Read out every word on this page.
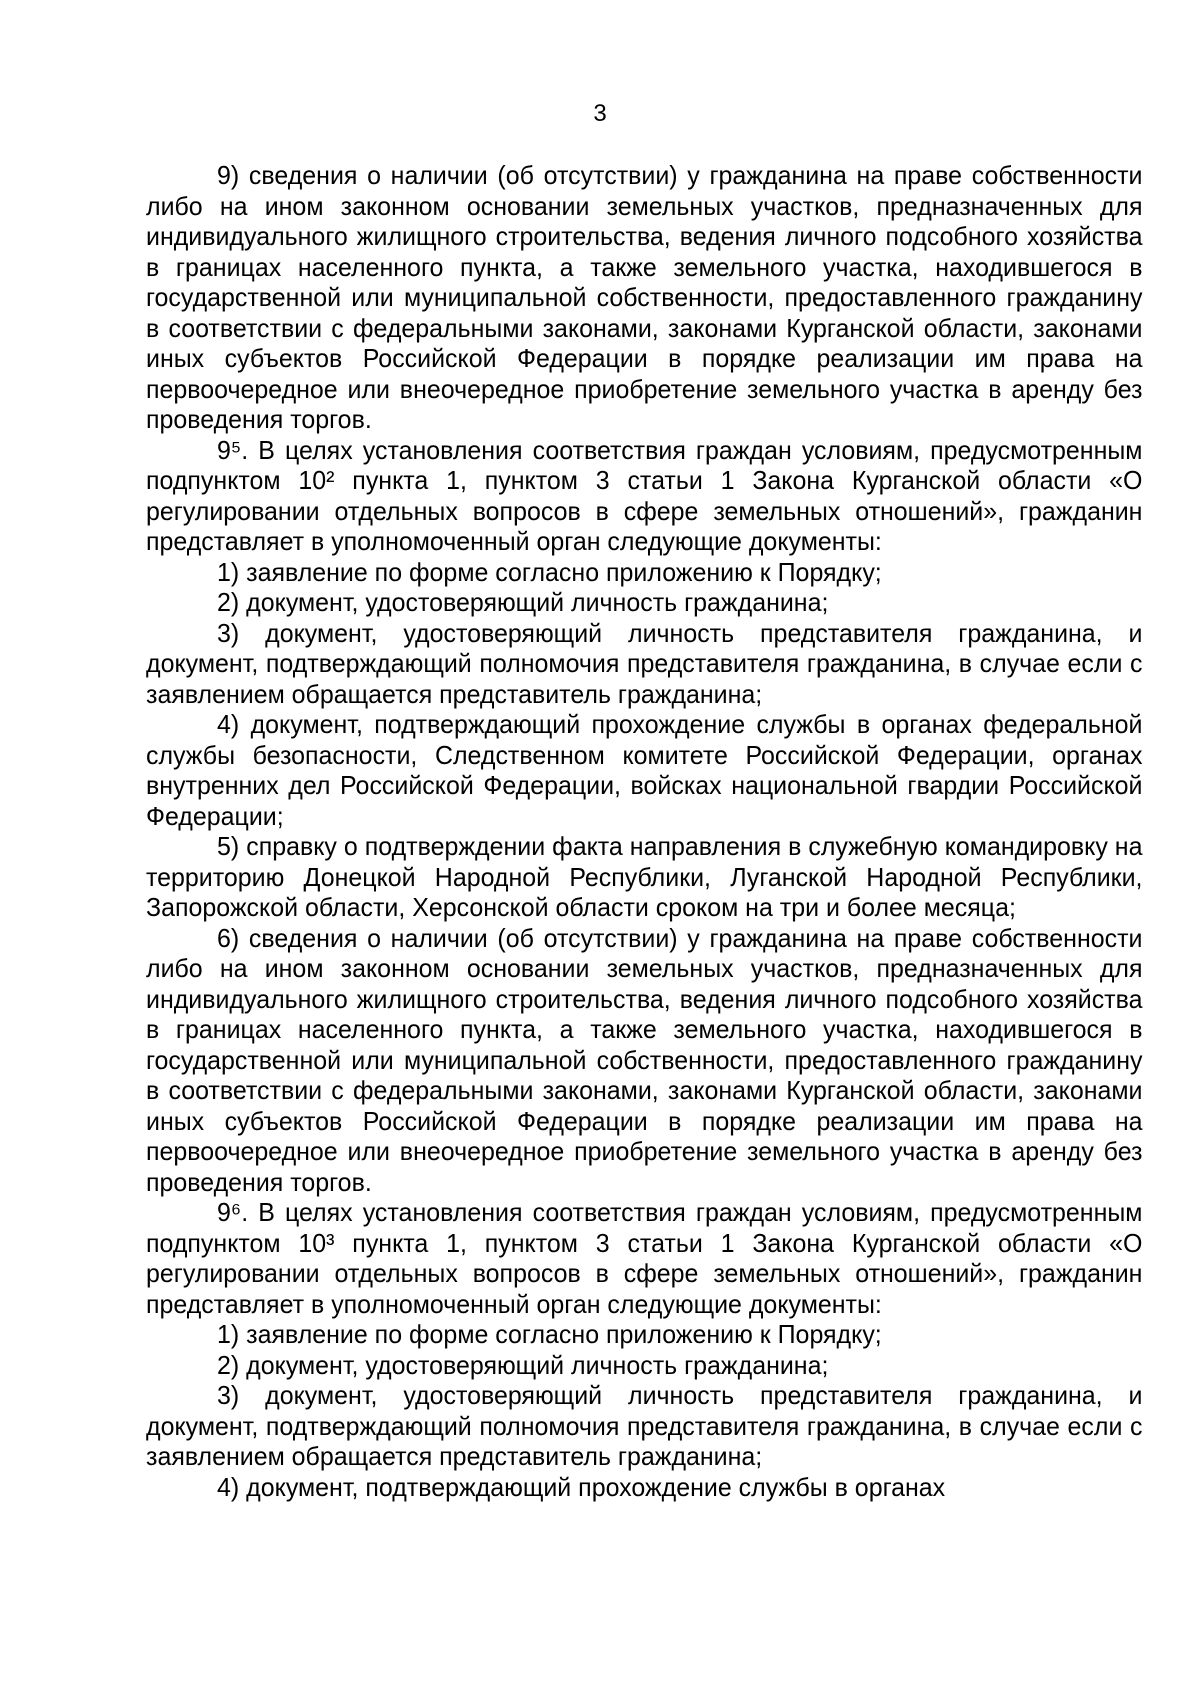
3

9) сведения о наличии (об отсутствии) у гражданина на праве собственности либо на ином законном основании земельных участков, предназначенных для индивидуального жилищного строительства, ведения личного подсобного хозяйства в границах населенного пункта, а также земельного участка, находившегося в государственной или муниципальной собственности, предоставленного гражданину в соответствии с федеральными законами, законами Курганской области, законами иных субъектов Российской Федерации в порядке реализации им права на первоочередное или внеочередное приобретение земельного участка в аренду без проведения торгов.

9⁵. В целях установления соответствия граждан условиям, предусмотренным подпунктом 10² пункта 1, пунктом 3 статьи 1 Закона Курганской области «О регулировании отдельных вопросов в сфере земельных отношений», гражданин представляет в уполномоченный орган следующие документы:

1) заявление по форме согласно приложению к Порядку;

2) документ, удостоверяющий личность гражданина;

3) документ, удостоверяющий личность представителя гражданина, и документ, подтверждающий полномочия представителя гражданина, в случае если с заявлением обращается представитель гражданина;

4) документ, подтверждающий прохождение службы в органах федеральной службы безопасности, Следственном комитете Российской Федерации, органах внутренних дел Российской Федерации, войсках национальной гвардии Российской Федерации;

5) справку о подтверждении факта направления в служебную командировку на территорию Донецкой Народной Республики, Луганской Народной Республики, Запорожской области, Херсонской области сроком на три и более месяца;

6) сведения о наличии (об отсутствии) у гражданина на праве собственности либо на ином законном основании земельных участков, предназначенных для индивидуального жилищного строительства, ведения личного подсобного хозяйства в границах населенного пункта, а также земельного участка, находившегося в государственной или муниципальной собственности, предоставленного гражданину в соответствии с федеральными законами, законами Курганской области, законами иных субъектов Российской Федерации в порядке реализации им права на первоочередное или внеочередное приобретение земельного участка в аренду без проведения торгов.

9⁶. В целях установления соответствия граждан условиям, предусмотренным подпунктом 10³ пункта 1, пунктом 3 статьи 1 Закона Курганской области «О регулировании отдельных вопросов в сфере земельных отношений», гражданин представляет в уполномоченный орган следующие документы:

1) заявление по форме согласно приложению к Порядку;

2) документ, удостоверяющий личность гражданина;

3) документ, удостоверяющий личность представителя гражданина, и документ, подтверждающий полномочия представителя гражданина, в случае если с заявлением обращается представитель гражданина;

4) документ, подтверждающий прохождение службы в органах
